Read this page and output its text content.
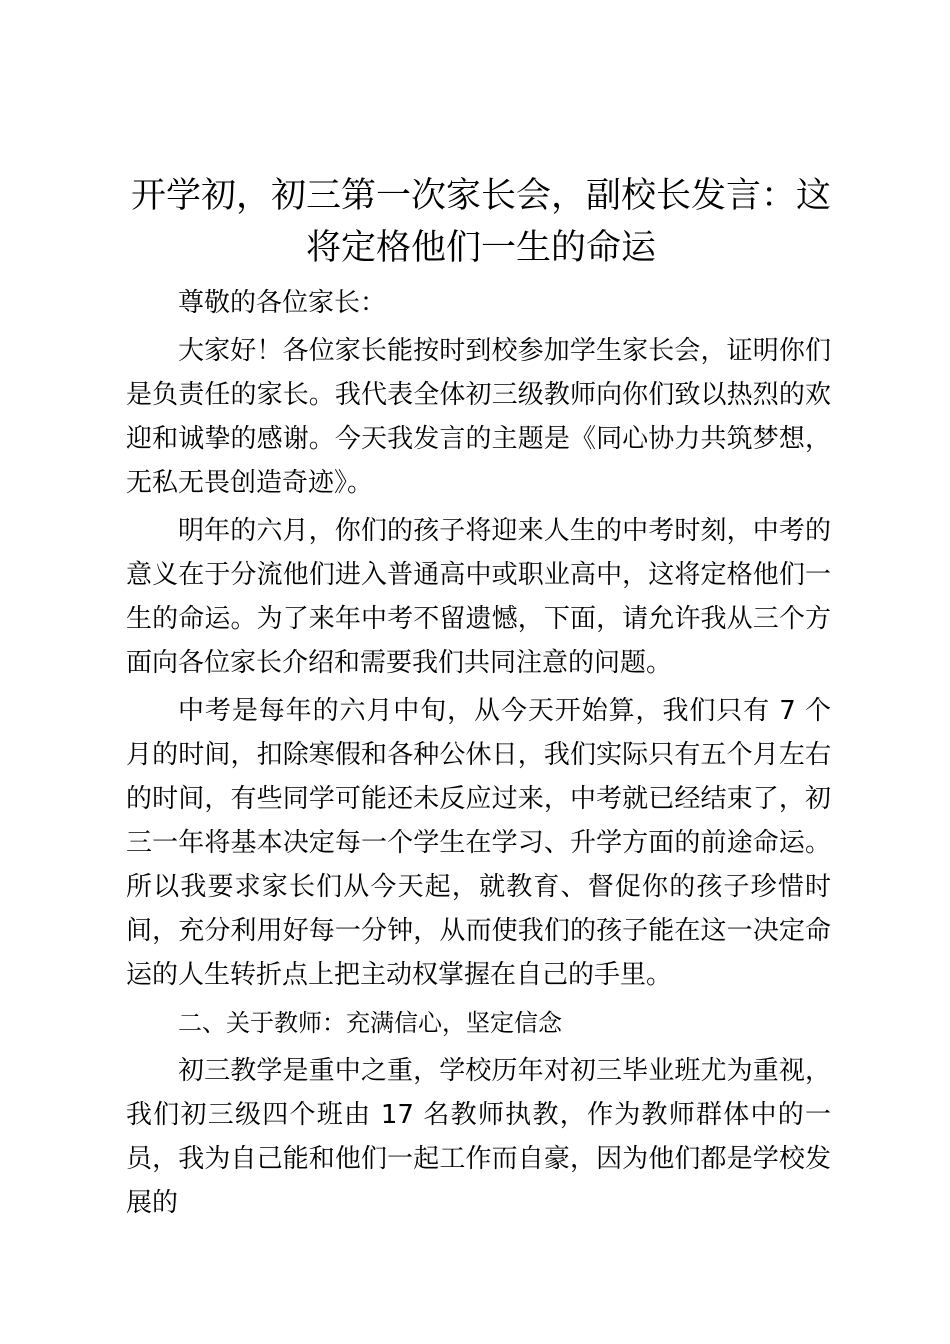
开学初，初三第一次家长会，副校长发言：这将定格他们一生的命运

尊敬的各位家长：

大家好！各位家长能按时到校参加学生家长会，证明你们是负责任的家长。我代表全体初三级教师向你们致以热烈的欢迎和诚挚的感谢。今天我发言的主题是《同心协力共筑梦想，无私无畏创造奇迹》。

明年的六月，你们的孩子将迎来人生的中考时刻，中考的意义在于分流他们进入普通高中或职业高中，这将定格他们一生的命运。为了来年中考不留遗憾，下面，请允许我从三个方面向各位家长介绍和需要我们共同注意的问题。

中考是每年的六月中旬，从今天开始算，我们只有 7 个月的时间，扣除寒假和各种公休日，我们实际只有五个月左右的时间，有些同学可能还未反应过来，中考就已经结束了，初三一年将基本决定每一个学生在学习、升学方面的前途命运。所以我要求家长们从今天起，就教育、督促你的孩子珍惜时间，充分利用好每一分钟，从而使我们的孩子能在这一决定命运的人生转折点上把主动权掌握在自己的手里。

二、关于教师：充满信心，坚定信念

初三教学是重中之重，学校历年对初三毕业班尤为重视，我们初三级四个班由 17 名教师执教，作为教师群体中的一员，我为自己能和他们一起工作而自豪，因为他们都是学校发展的
